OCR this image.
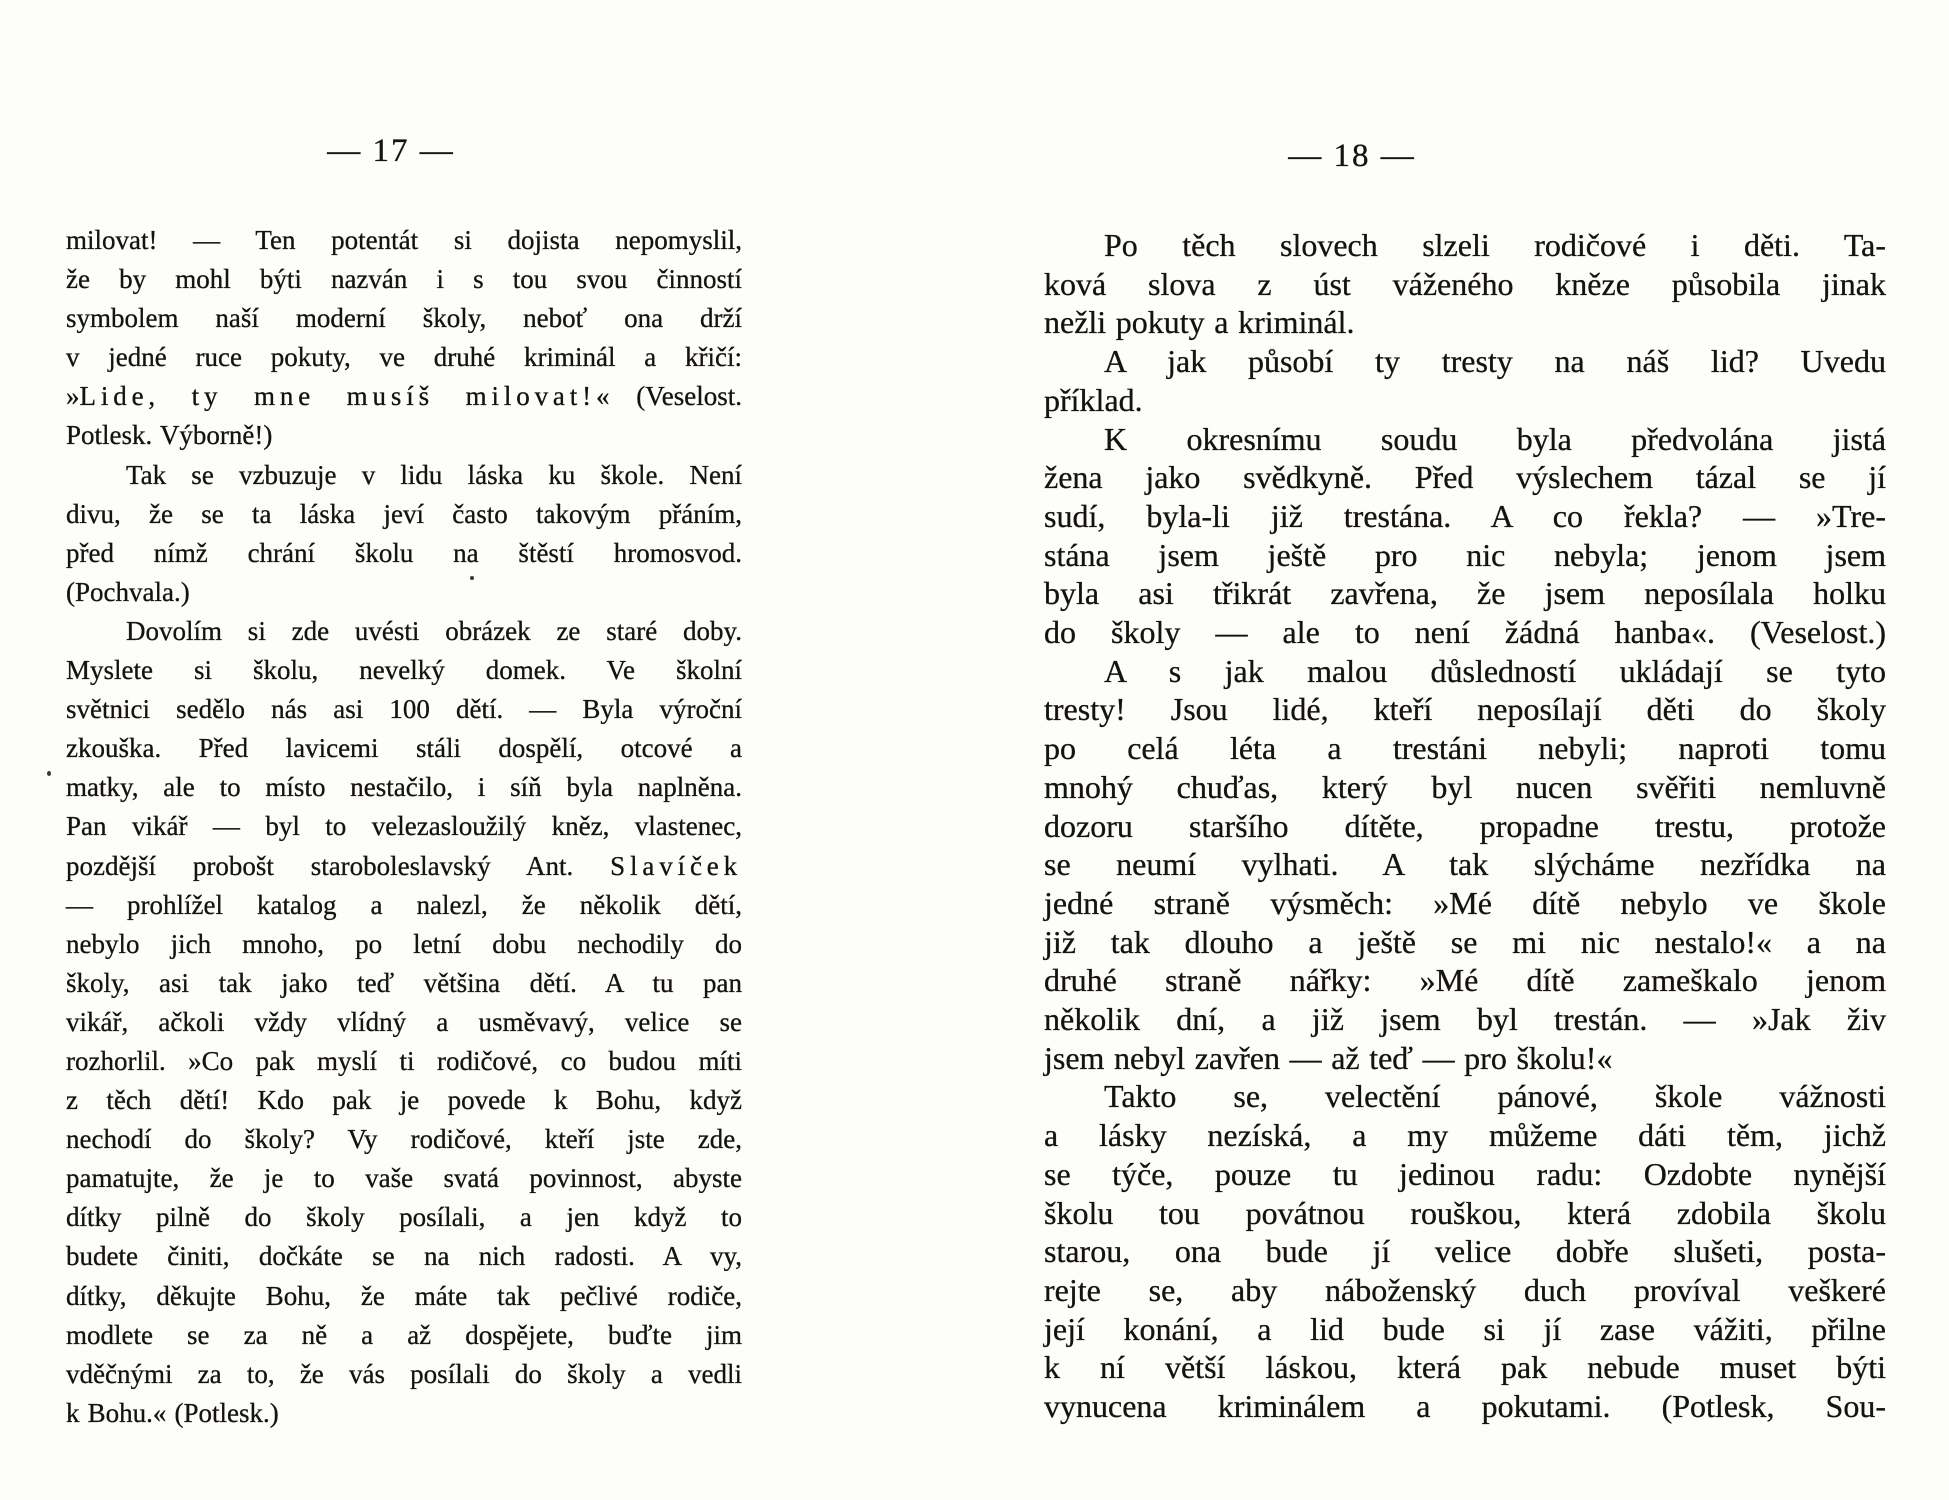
— 17 —	— 18 —
milovat! — Ten potentát si dojista nepomyslil,
že by mohl býti nazván i s tou svou činností
symbolem naší moderní školy, neboť ona drží
v jedné ruce pokuty, ve druhé kriminál a křičí:
»Lide, ty mne musíš milovat!« (Veselost.
Potlesk. Výborně!)
Tak se vzbuzuje v lidu láska ku škole. Není
divu, že se ta láska jeví často takovým přáním,
před nímž chrání školu na štěstí hromosvod.
(Pochvala.)
Dovolím si zde uvésti obrázek ze staré doby.
Myslete si školu, nevelký domek. Ve školní
světnici sedělo nás asi 100 dětí. — Byla výroční
zkouška. Před lavicemi stáli dospělí, otcové a
matky, ale to místo nestačilo, i síň byla naplněna.
Pan vikář — byl to velezasloužilý kněz, vlastenec,
pozdější probošt staroboleslavský Ant. Slavíček
— prohlížel katalog a nalezl, že několik dětí,
nebylo jich mnoho, po letní dobu nechodily do
školy, asi tak jako teď většina dětí. A tu pan
vikář, ačkoli vždy vlídný a usměvavý, velice se
rozhorlil. »Co pak myslí ti rodičové, co budou míti
z těch dětí! Kdo pak je povede k Bohu, když
nechodí do školy? Vy rodičové, kteří jste zde,
pamatujte, že je to vaše svatá povinnost, abyste
dítky pilně do školy posílali, a jen když to
budete činiti, dočkáte se na nich radosti. A vy,
dítky, děkujte Bohu, že máte tak pečlivé rodiče,
modlete se za ně a až dospějete, buďte jim
vděčnými za to, že vás posílali do školy a vedli
k Bohu.« (Potlesk.)
Po těch slovech slzeli rodičové i děti. Ta-
ková slova z úst váženého kněze působila jinak
nežli pokuty a kriminál.
A jak působí ty tresty na náš lid? Uvedu
příklad.
K okresnímu soudu byla předvolána jistá
žena jako svědkyně. Před výslechem tázal se jí
sudí, byla-li již trestána. A co řekla? — »Tre-
stána jsem ještě pro nic nebyla; jenom jsem
byla asi třikrát zavřena, že jsem neposílala holku
do školy — ale to není žádná hanba«. (Veselost.)
A s jak malou důsledností ukládají se tyto
tresty! Jsou lidé, kteří neposílají děti do školy
po celá léta a trestáni nebyli; naproti tomu
mnohý chuďas, který byl nucen svěřiti nemluvně
dozoru staršího dítěte, propadne trestu, protože
se neumí vylhati. A tak slýcháme nezřídka na
jedné straně výsměch: »Mé dítě nebylo ve škole
již tak dlouho a ještě se mi nic nestalo!« a na
druhé straně nářky: »Mé dítě zameškalo jenom
několik dní, a již jsem byl trestán. — »Jak živ
jsem nebyl zavřen — až teď — pro školu!«
Takto se, velectění pánové, škole vážnosti
a lásky nezíská, a my můžeme dáti těm, jichž
se týče, pouze tu jedinou radu: Ozdobte nynější
školu tou povátnou rouškou, která zdobila školu
starou, ona bude jí velice dobře slušeti, posta-
rejte se, aby náboženský duch províval veškeré
její konání, a lid bude si jí zase vážiti, přilne
k ní větší láskou, která pak nebude muset býti
vynucena kriminálem a pokutami. (Potlesk, Sou-
